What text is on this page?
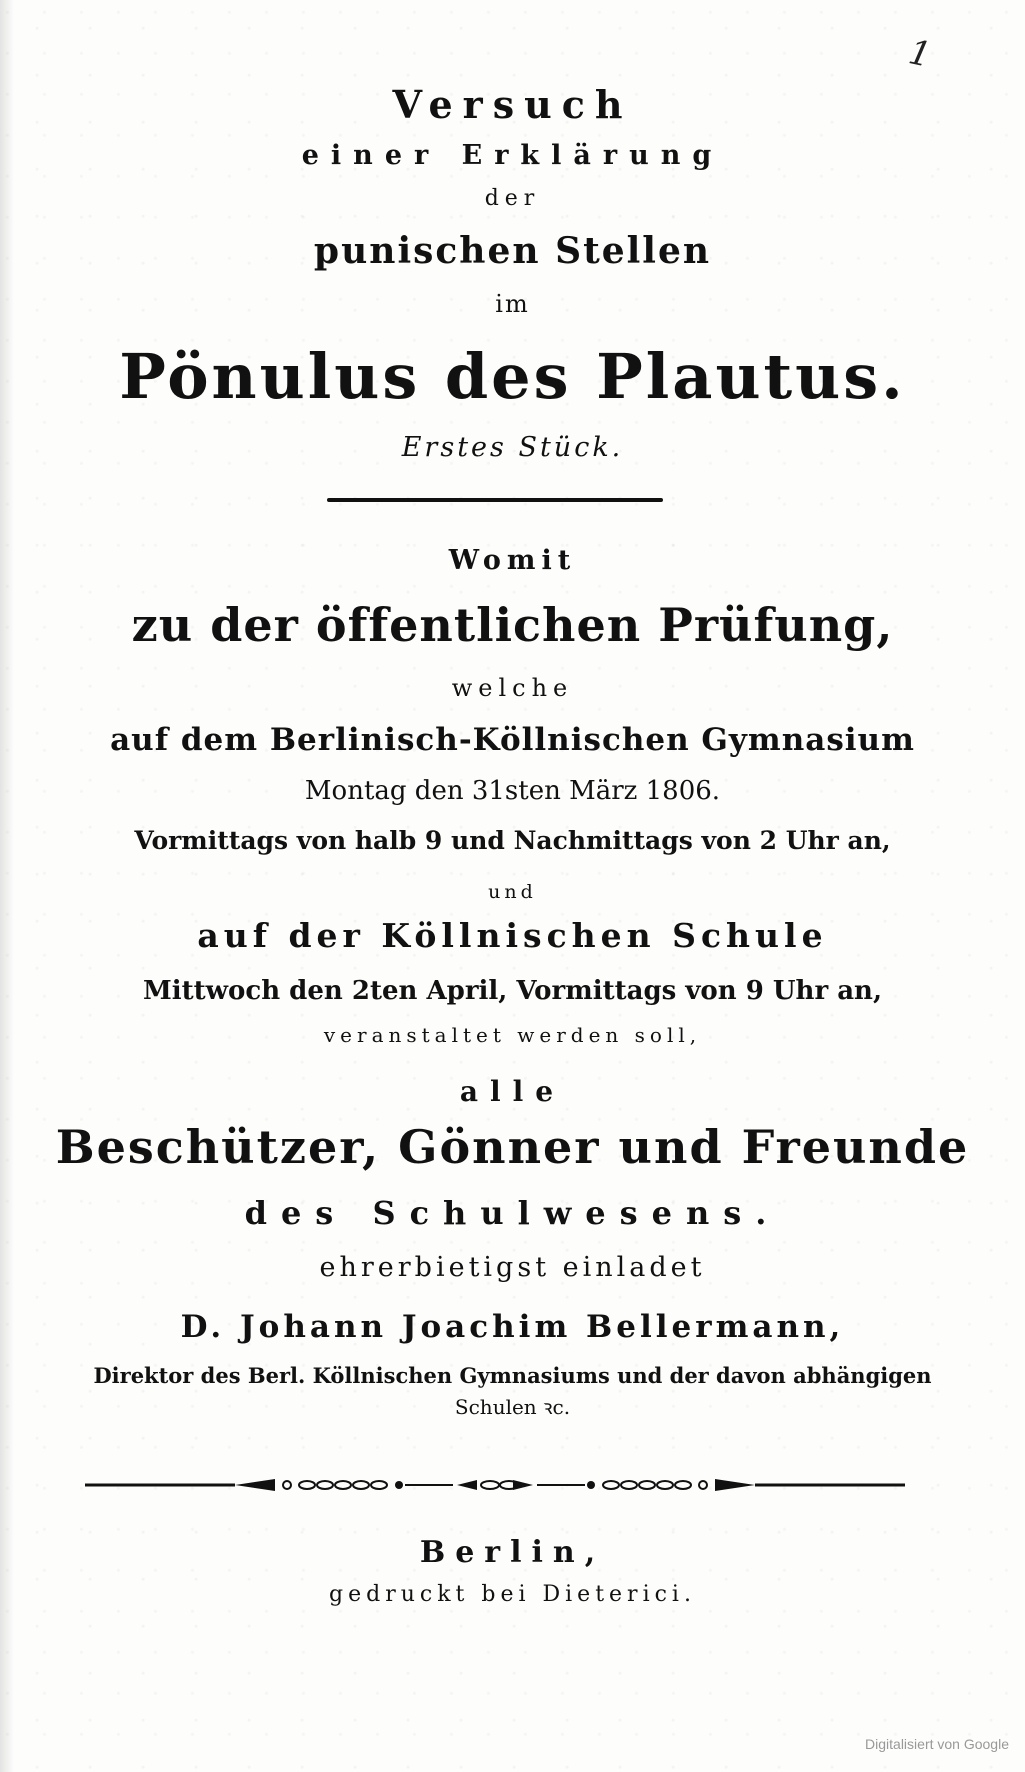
1
Versuch
einer Erklärung
der
punischen Stellen
im
Pönulus des Plautus.
Erstes Stück.
Womit
zu der öffentlichen Prüfung,
welche
auf dem Berlinisch-Köllnischen Gymnasium
Montag den 31sten März 1806.
Vormittags von halb 9 und Nachmittags von 2 Uhr an,
und
auf der Köllnischen Schule
Mittwoch den 2ten April, Vormittags von 9 Uhr an,
veranstaltet werden soll,
alle
Beschützer, Gönner und Freunde
des Schulwesens.
ehrerbietigst einladet
D. Johann Joachim Bellermann,
Direktor des Berl. Köllnischen Gymnasiums und der davon abhängigen
Schulen ꝛc.
Berlin,
gedruckt bei Dieterici.
Digitalisiert von Google
